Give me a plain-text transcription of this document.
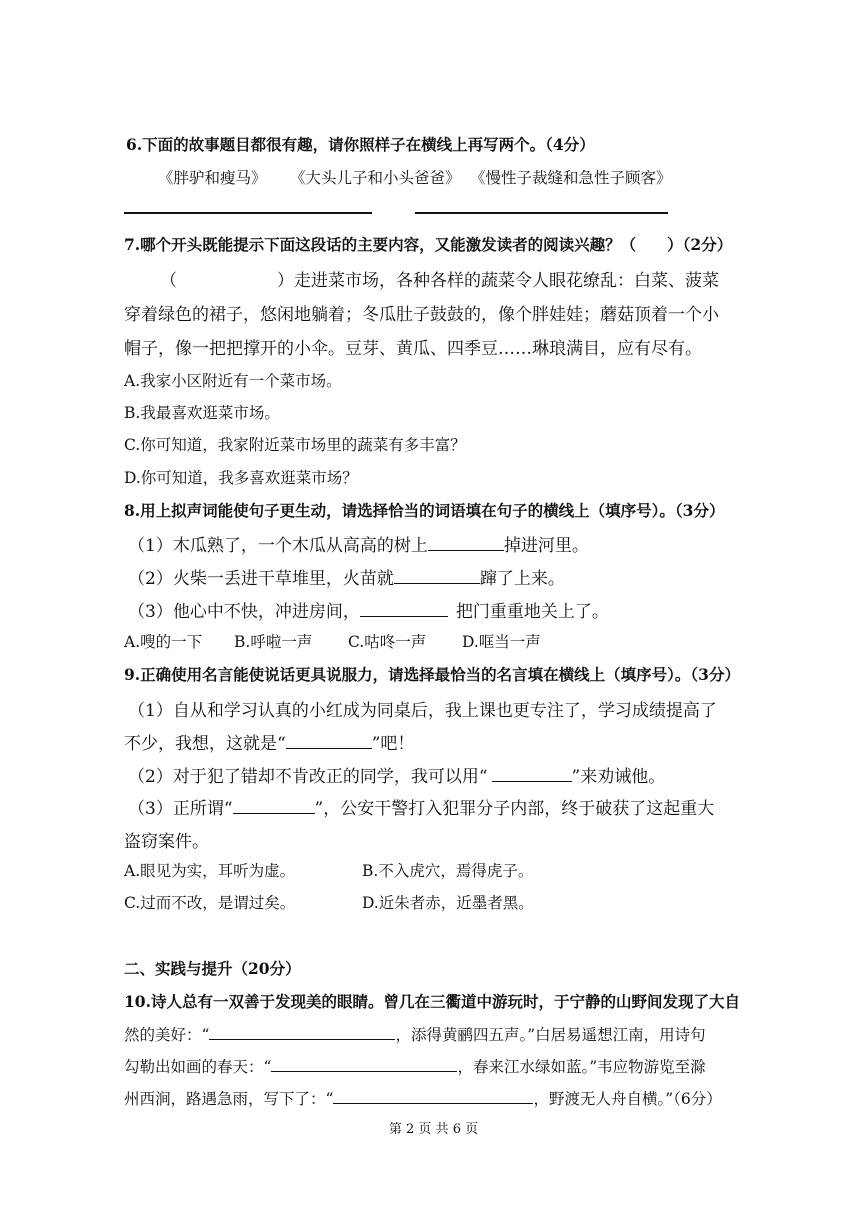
6.下面的故事题目都很有趣，请你照样子在横线上再写两个。（4分）
《胖驴和瘦马》 《大头儿子和小头爸爸》 《慢性子裁缝和急性子顾客》
7.哪个开头既能提示下面这段话的主要内容，又能激发读者的阅读兴趣？（　　）（2分）
（	）走进菜市场，各种各样的蔬菜令人眼花缭乱：白菜、菠菜
穿着绿色的裙子，悠闲地躺着；冬瓜肚子鼓鼓的，像个胖娃娃；蘑菇顶着一个小
帽子，像一把把撑开的小伞。豆芽、黄瓜、四季豆……琳琅满目，应有尽有。
A.我家小区附近有一个菜市场。
B.我最喜欢逛菜市场。
C.你可知道，我家附近菜市场里的蔬菜有多丰富？
D.你可知道，我多喜欢逛菜市场？
8.用上拟声词能使句子更生动，请选择恰当的词语填在句子的横线上（填序号）。（3分）
（1）木瓜熟了，一个木瓜从高高的树上	掉进河里。
（2）火柴一丢进干草堆里，火苗就	蹿了上来。
（3）他心中不快，冲进房间，	把门重重地关上了。
A.嗖的一下 B.呼啦一声 C.咕咚一声 D.哐当一声
9.正确使用名言能使说话更具说服力，请选择最恰当的名言填在横线上（填序号）。（3分）
（1）自从和学习认真的小红成为同桌后，我上课也更专注了，学习成绩提高了
不少，我想，这就是“	”吧！
（2）对于犯了错却不肯改正的同学，我可以用“	”来劝诫他。
（3）正所谓“	”，公安干警打入犯罪分子内部，终于破获了这起重大
盗窃案件。
A.眼见为实，耳听为虚。	B.不入虎穴，焉得虎子。
C.过而不改，是谓过矣。	D.近朱者赤，近墨者黑。
二、实践与提升（20分）
10.诗人总有一双善于发现美的眼睛。曾几在三衢道中游玩时，于宁静的山野间发现了大自
然的美好：“	，添得黄鹂四五声。”白居易遥想江南，用诗句
勾勒出如画的春天：“	，春来江水绿如蓝。”韦应物游览至滁
州西涧，路遇急雨，写下了：“	，野渡无人舟自横。”（6分）
第 2 页 共 6 页
